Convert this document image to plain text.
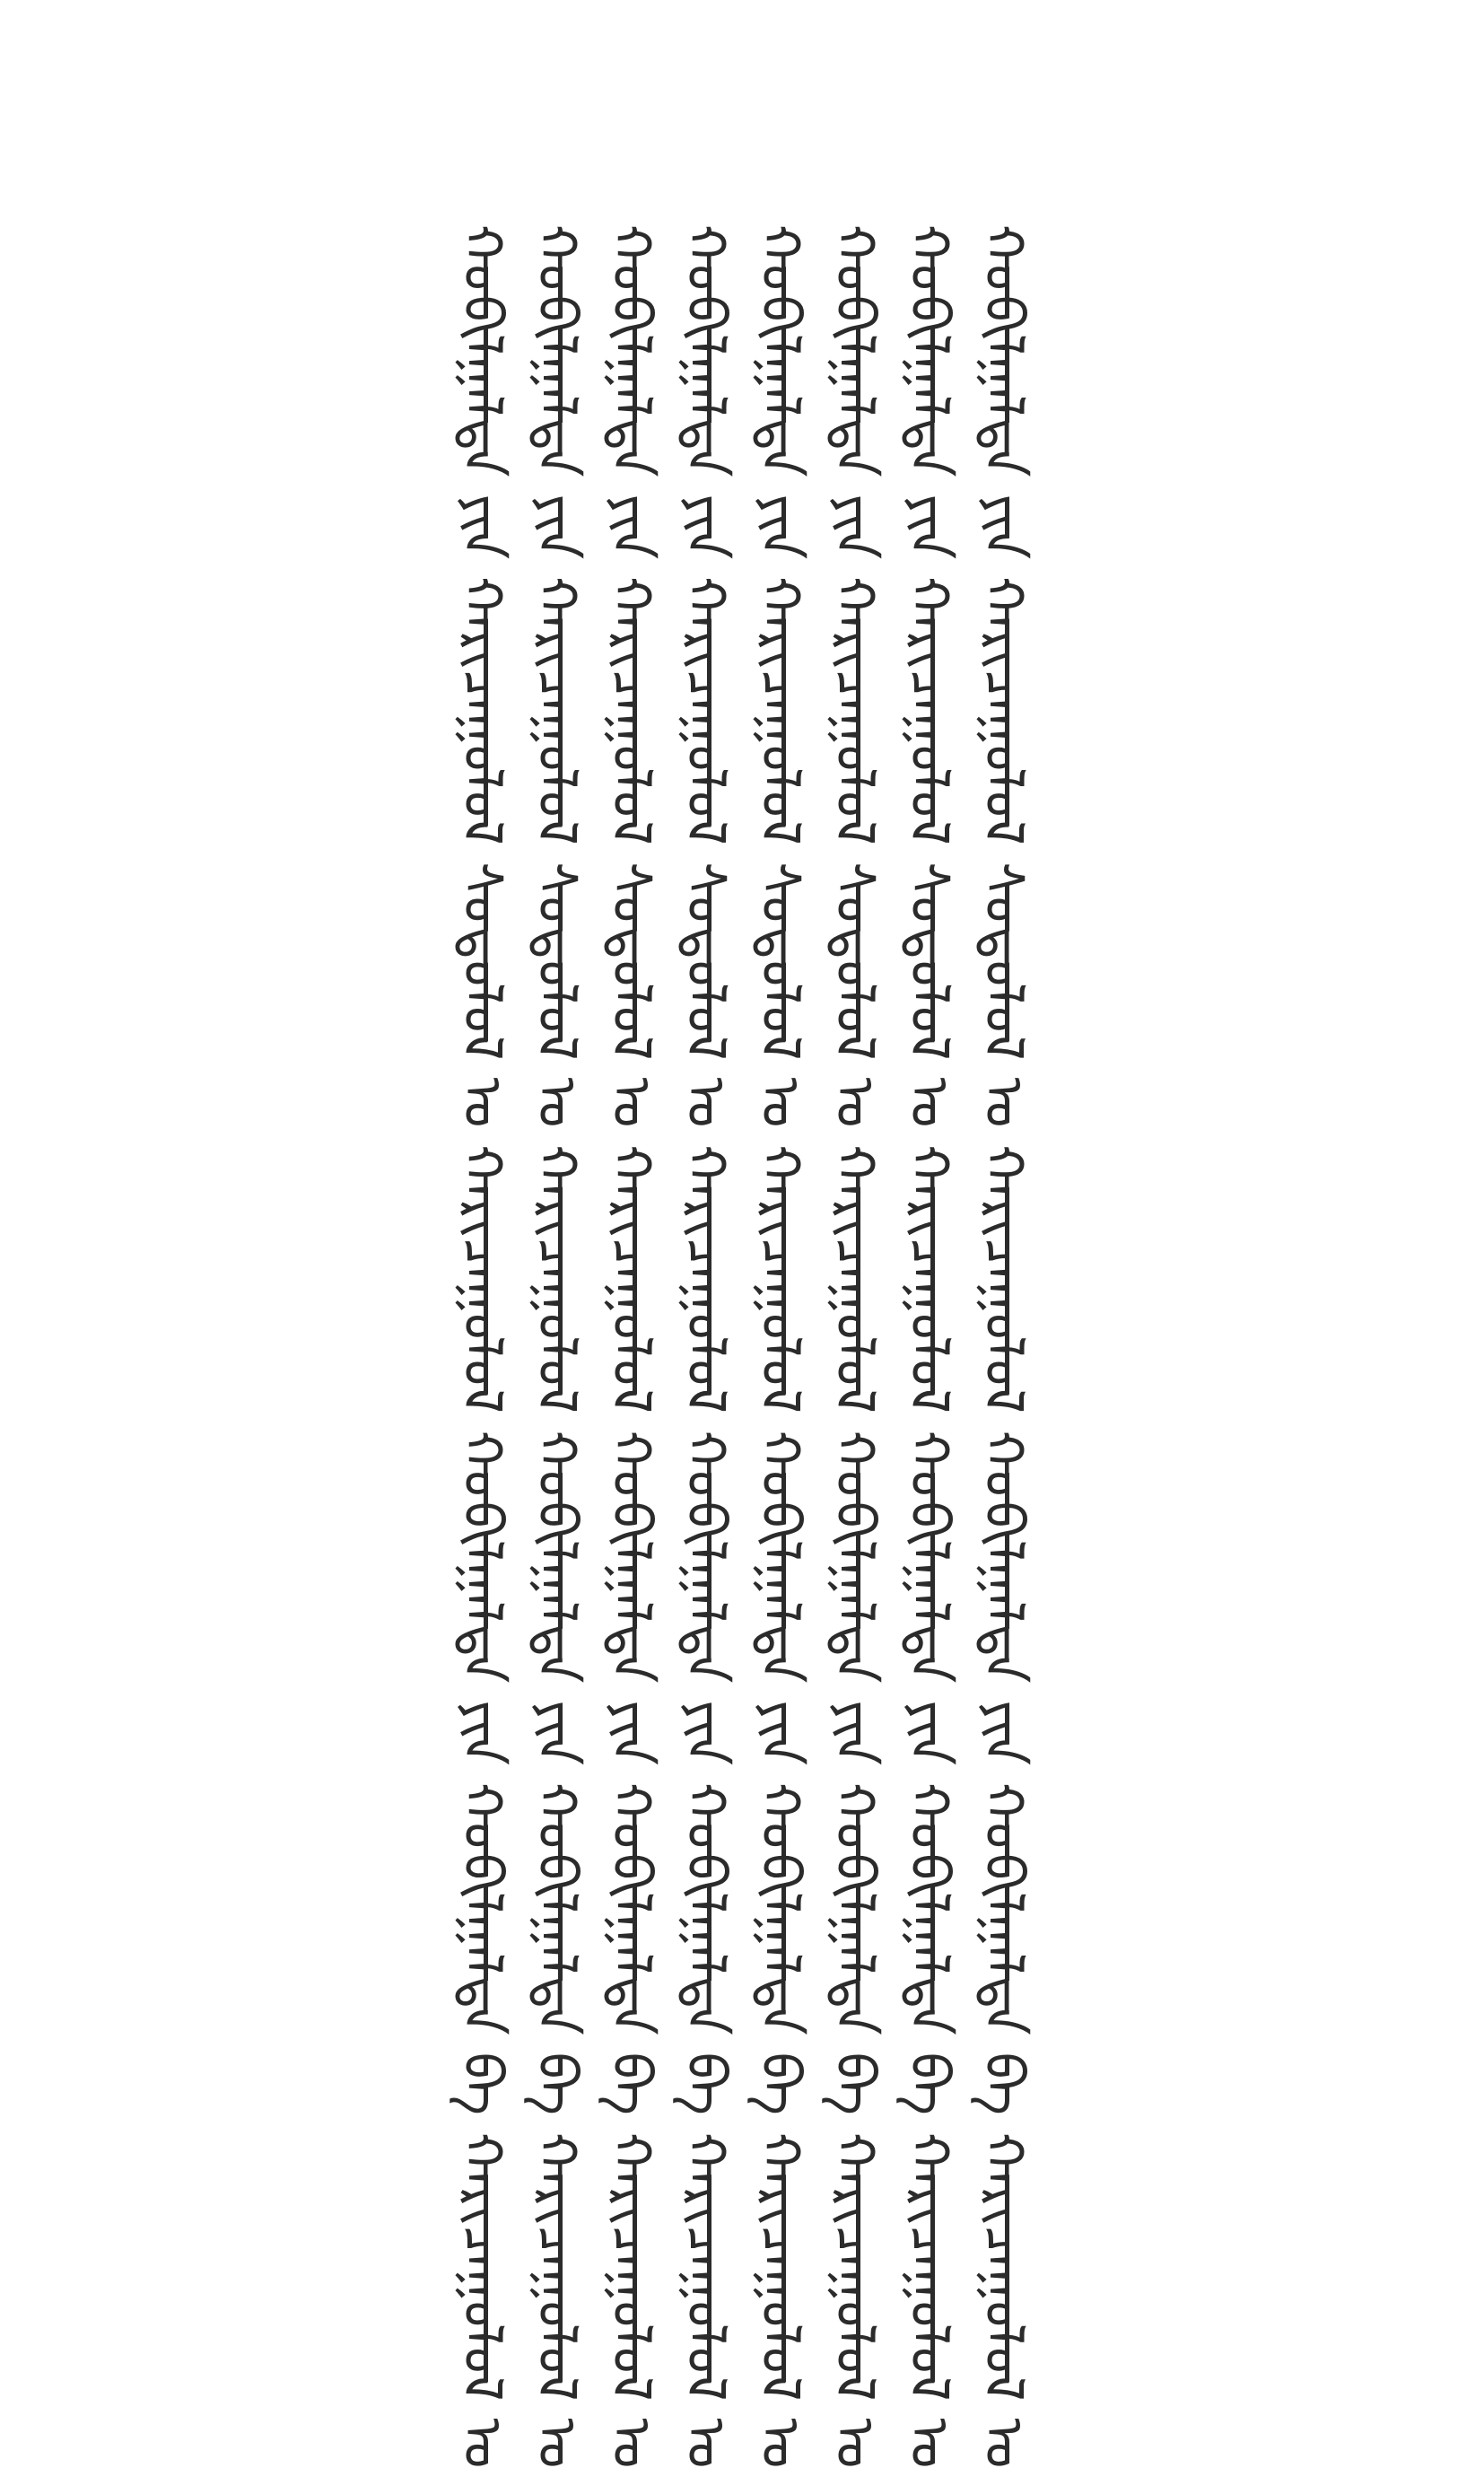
ᠬᠤᠪᠢᠯᠭᠠᠯᠲᠠ ᠶᠢᠨ ᠬᠠᠷᠢᠴᠠᠭᠤᠯᠤᠯ ᠰᠤᠳᠤᠯᠤᠯ ᠤ ᠬᠠᠷᠢᠴᠠᠭᠤᠯᠤᠯ ᠬᠤᠪᠢᠯᠭᠠᠯᠲᠠ ᠶᠢᠨ ᠬᠤᠪᠢᠯᠭᠠᠯᠲᠠ ᠪᠠ ᠬᠠᠷᠢᠴᠠᠭᠤᠯᠤᠯ ᠤ
ᠬᠤᠪᠢᠯᠭᠠᠯᠲᠠ ᠶᠢᠨ ᠬᠠᠷᠢᠴᠠᠭᠤᠯᠤᠯ ᠰᠤᠳᠤᠯᠤᠯ ᠤ ᠬᠠᠷᠢᠴᠠᠭᠤᠯᠤᠯ ᠬᠤᠪᠢᠯᠭᠠᠯᠲᠠ ᠶᠢᠨ ᠬᠤᠪᠢᠯᠭᠠᠯᠲᠠ ᠪᠠ ᠬᠠᠷᠢᠴᠠᠭᠤᠯᠤᠯ ᠤ
ᠬᠤᠪᠢᠯᠭᠠᠯᠲᠠ ᠶᠢᠨ ᠬᠠᠷᠢᠴᠠᠭᠤᠯᠤᠯ ᠰᠤᠳᠤᠯᠤᠯ ᠤ ᠬᠠᠷᠢᠴᠠᠭᠤᠯᠤᠯ ᠬᠤᠪᠢᠯᠭᠠᠯᠲᠠ ᠶᠢᠨ ᠬᠤᠪᠢᠯᠭᠠᠯᠲᠠ ᠪᠠ ᠬᠠᠷᠢᠴᠠᠭᠤᠯᠤᠯ ᠤ
ᠬᠤᠪᠢᠯᠭᠠᠯᠲᠠ ᠶᠢᠨ ᠬᠠᠷᠢᠴᠠᠭᠤᠯᠤᠯ ᠰᠤᠳᠤᠯᠤᠯ ᠤ ᠬᠠᠷᠢᠴᠠᠭᠤᠯᠤᠯ ᠬᠤᠪᠢᠯᠭᠠᠯᠲᠠ ᠶᠢᠨ ᠬᠤᠪᠢᠯᠭᠠᠯᠲᠠ ᠪᠠ ᠬᠠᠷᠢᠴᠠᠭᠤᠯᠤᠯ ᠤ
ᠬᠤᠪᠢᠯᠭᠠᠯᠲᠠ ᠶᠢᠨ ᠬᠠᠷᠢᠴᠠᠭᠤᠯᠤᠯ ᠰᠤᠳᠤᠯᠤᠯ ᠤ ᠬᠠᠷᠢᠴᠠᠭᠤᠯᠤᠯ ᠬᠤᠪᠢᠯᠭᠠᠯᠲᠠ ᠶᠢᠨ ᠬᠤᠪᠢᠯᠭᠠᠯᠲᠠ ᠪᠠ ᠬᠠᠷᠢᠴᠠᠭᠤᠯᠤᠯ ᠤ
ᠬᠤᠪᠢᠯᠭᠠᠯᠲᠠ ᠶᠢᠨ ᠬᠠᠷᠢᠴᠠᠭᠤᠯᠤᠯ ᠰᠤᠳᠤᠯᠤᠯ ᠤ ᠬᠠᠷᠢᠴᠠᠭᠤᠯᠤᠯ ᠬᠤᠪᠢᠯᠭᠠᠯᠲᠠ ᠶᠢᠨ ᠬᠤᠪᠢᠯᠭᠠᠯᠲᠠ ᠪᠠ ᠬᠠᠷᠢᠴᠠᠭᠤᠯᠤᠯ ᠤ
ᠬᠤᠪᠢᠯᠭᠠᠯᠲᠠ ᠶᠢᠨ ᠬᠠᠷᠢᠴᠠᠭᠤᠯᠤᠯ ᠰᠤᠳᠤᠯᠤᠯ ᠤ ᠬᠠᠷᠢᠴᠠᠭᠤᠯᠤᠯ ᠬᠤᠪᠢᠯᠭᠠᠯᠲᠠ ᠶᠢᠨ ᠬᠤᠪᠢᠯᠭᠠᠯᠲᠠ ᠪᠠ ᠬᠠᠷᠢᠴᠠᠭᠤᠯᠤᠯ ᠤ
ᠬᠤᠪᠢᠯᠭᠠᠯᠲᠠ ᠶᠢᠨ ᠬᠠᠷᠢᠴᠠᠭᠤᠯᠤᠯ ᠰᠤᠳᠤᠯᠤᠯ ᠤ ᠬᠠᠷᠢᠴᠠᠭᠤᠯᠤᠯ ᠬᠤᠪᠢᠯᠭᠠᠯᠲᠠ ᠶᠢᠨ ᠬᠤᠪᠢᠯᠭᠠᠯᠲᠠ ᠪᠠ ᠬᠠᠷᠢᠴᠠᠭᠤᠯᠤᠯ ᠤ
